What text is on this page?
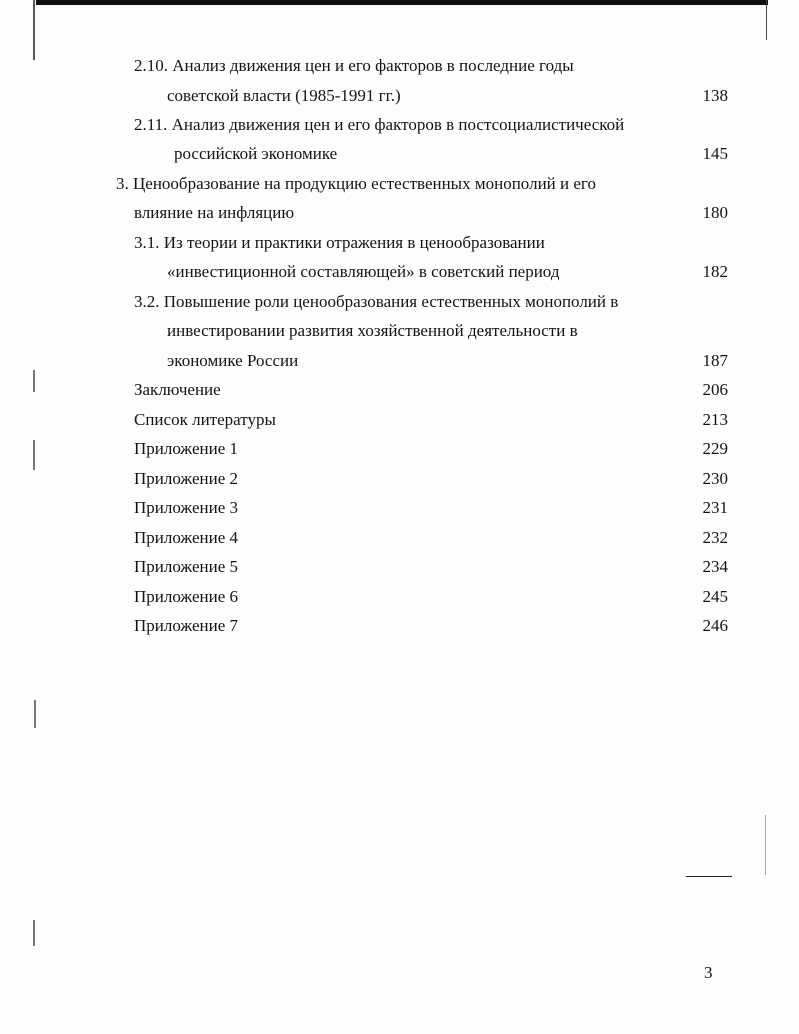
2.10. Анализ движения цен и его факторов в последние годы
советской власти (1985-1991 гг.)	138
2.11. Анализ движения цен и его факторов в постсоциалистической
российской экономике	145
3. Ценообразование на продукцию естественных монополий и его
влияние на инфляцию	180
3.1. Из теории и практики отражения в ценообразовании
«инвестиционной составляющей» в советский период	182
3.2. Повышение роли ценообразования естественных монополий в
инвестировании развития хозяйственной деятельности в
экономике России	187
Заключение	206
Список литературы	213
Приложение 1	229
Приложение 2	230
Приложение 3	231
Приложение 4	232
Приложение 5	234
Приложение 6	245
Приложение 7	246
3
